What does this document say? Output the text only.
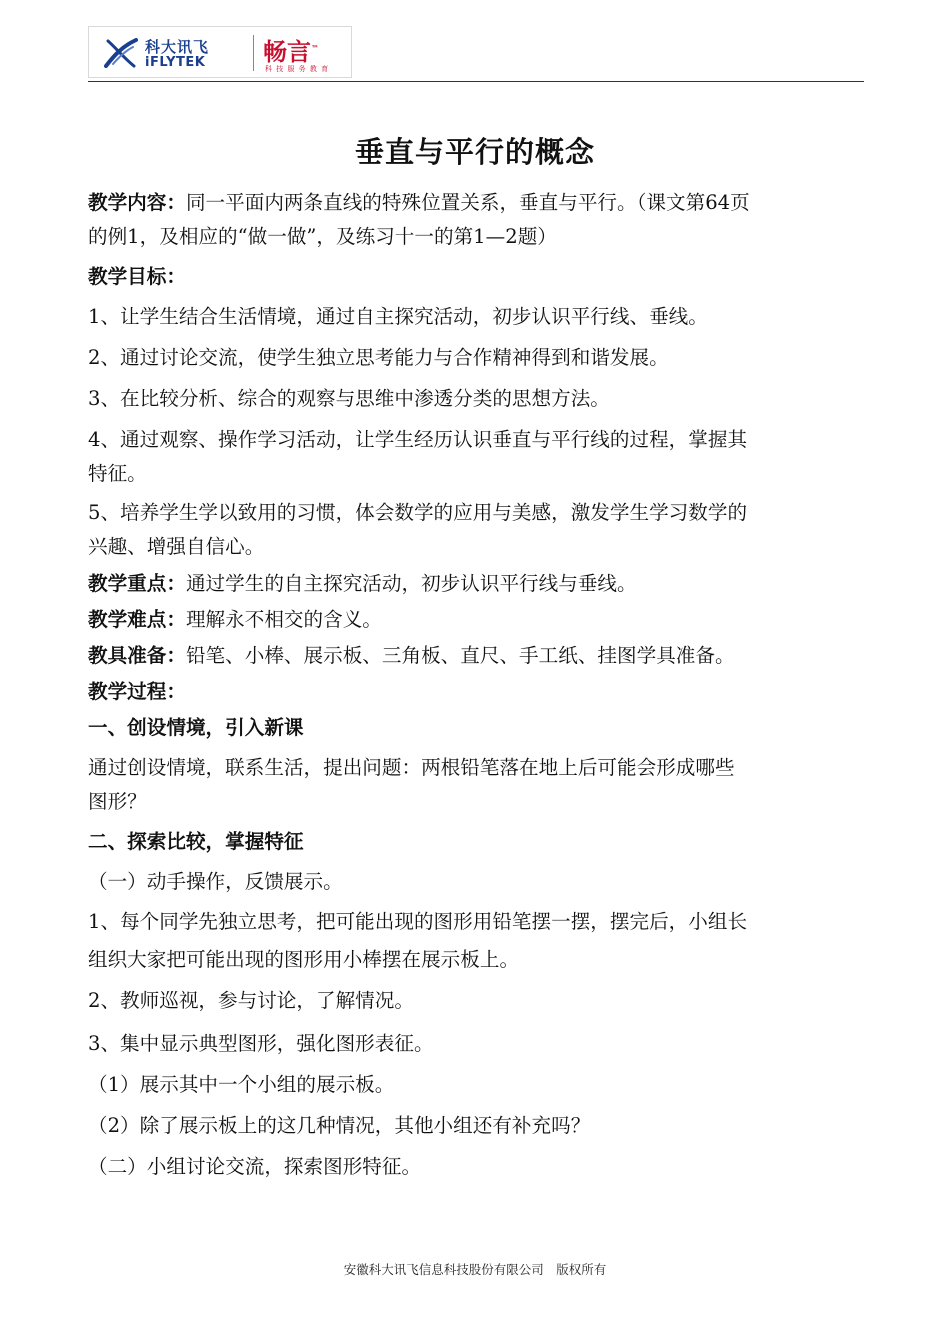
科大讯飞
iFLYTEK 畅言™
科 技 服 务 教 育
垂直与平行的概念

教学内容：同一平面内两条直线的特殊位置关系，垂直与平行。（课文第64页

的例1，及相应的“做一做”，及练习十一的第1—2题）

教学目标：

1、让学生结合生活情境，通过自主探究活动，初步认识平行线、垂线。

2、通过讨论交流，使学生独立思考能力与合作精神得到和谐发展。

3、在比较分析、综合的观察与思维中渗透分类的思想方法。

4、通过观察、操作学习活动，让学生经历认识垂直与平行线的过程，掌握其

特征。

5、培养学生学以致用的习惯，体会数学的应用与美感，激发学生学习数学的

兴趣、增强自信心。

教学重点：通过学生的自主探究活动，初步认识平行线与垂线。

教学难点：理解永不相交的含义。

教具准备：铅笔、小棒、展示板、三角板、直尺、手工纸、挂图学具准备。

教学过程：

一、创设情境，引入新课

通过创设情境，联系生活，提出问题：两根铅笔落在地上后可能会形成哪些

图形？

二、探索比较，掌握特征

（一）动手操作，反馈展示。

1、每个同学先独立思考，把可能出现的图形用铅笔摆一摆，摆完后，小组长

组织大家把可能出现的图形用小棒摆在展示板上。

2、教师巡视，参与讨论，了解情况。

3、集中显示典型图形，强化图形表征。

（1）展示其中一个小组的展示板。

（2）除了展示板上的这几种情况，其他小组还有补充吗？

（二）小组讨论交流，探索图形特征。

安徽科大讯飞信息科技股份有限公司　版权所有
